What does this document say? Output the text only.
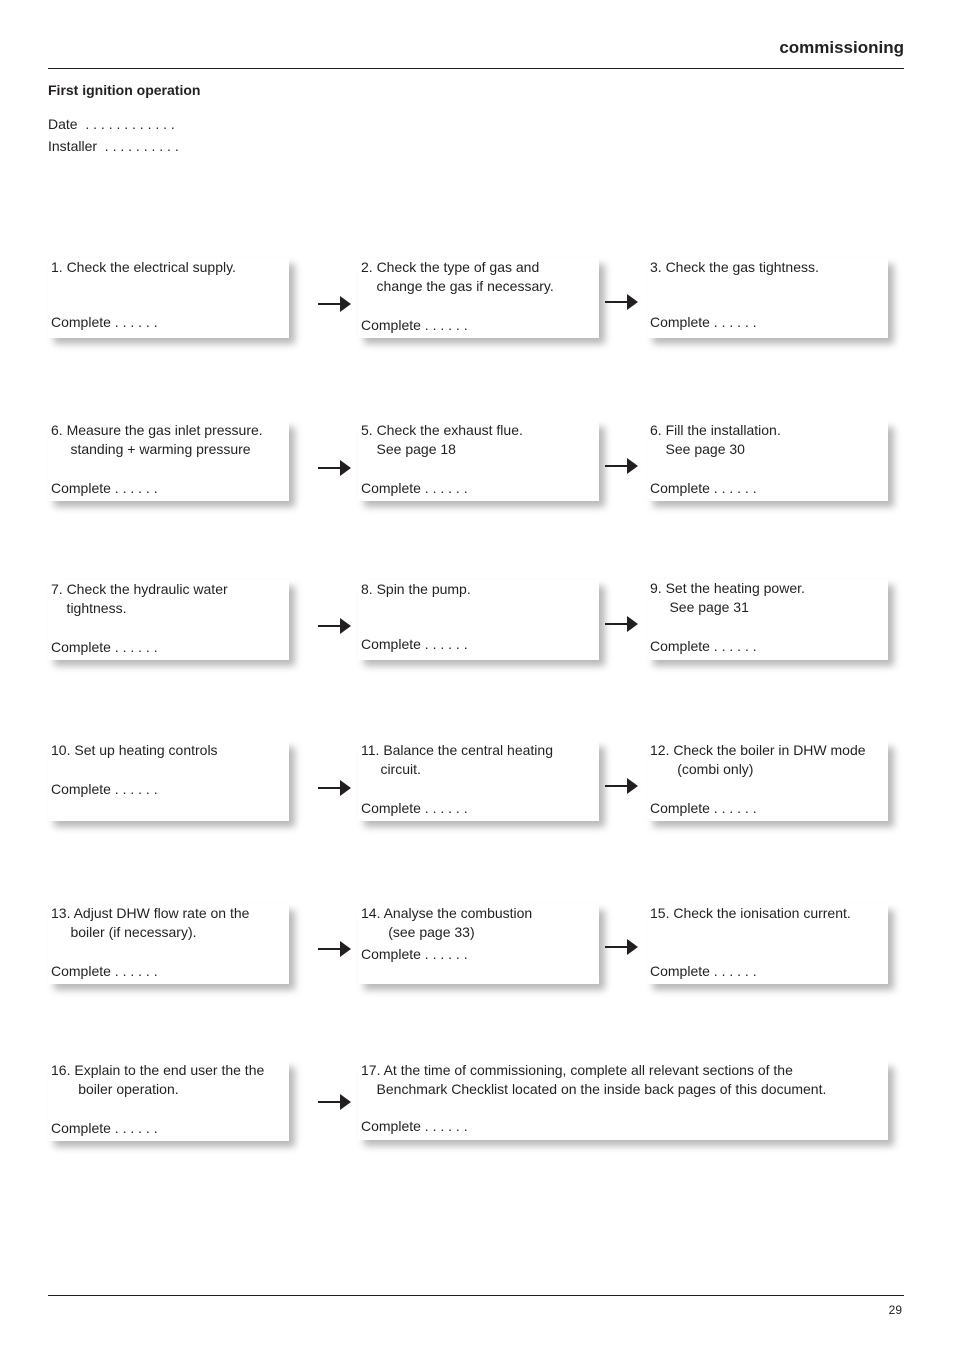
commissioning
First ignition operation
Date  . . . . . . . . . . . .
Installer  . . . . . . . . . .
1. Check the electrical supply.
Complete . . . . . .
2. Check the type of gas and
change the gas if necessary.
Complete . . . . . .
3. Check the gas tightness.
Complete . . . . . .
6. Measure the gas inlet pressure.
standing + warming pressure
Complete . . . . . .
5. Check the exhaust flue.
See page 18
Complete . . . . . .
6. Fill the installation.
See page 30
Complete . . . . . .
7. Check the hydraulic water
tightness.
Complete . . . . . .
8. Spin the pump.
Complete . . . . . .
9. Set the heating power.
See page 31
Complete . . . . . .
10. Set up heating controls
Complete . . . . . .
11. Balance the central heating
circuit.
Complete . . . . . .
12. Check the boiler in DHW mode
(combi only)
Complete . . . . . .
13. Adjust DHW flow rate on the
boiler (if necessary).
Complete . . . . . .
14. Analyse the combustion
(see page 33)
Complete . . . . . .
15. Check the ionisation current.
Complete . . . . . .
16. Explain to the end user the the
boiler operation.
Complete . . . . . .
17. At the time of commissioning, complete all relevant sections of the
Benchmark Checklist located on the inside back pages of this document.
Complete . . . . . .
29
